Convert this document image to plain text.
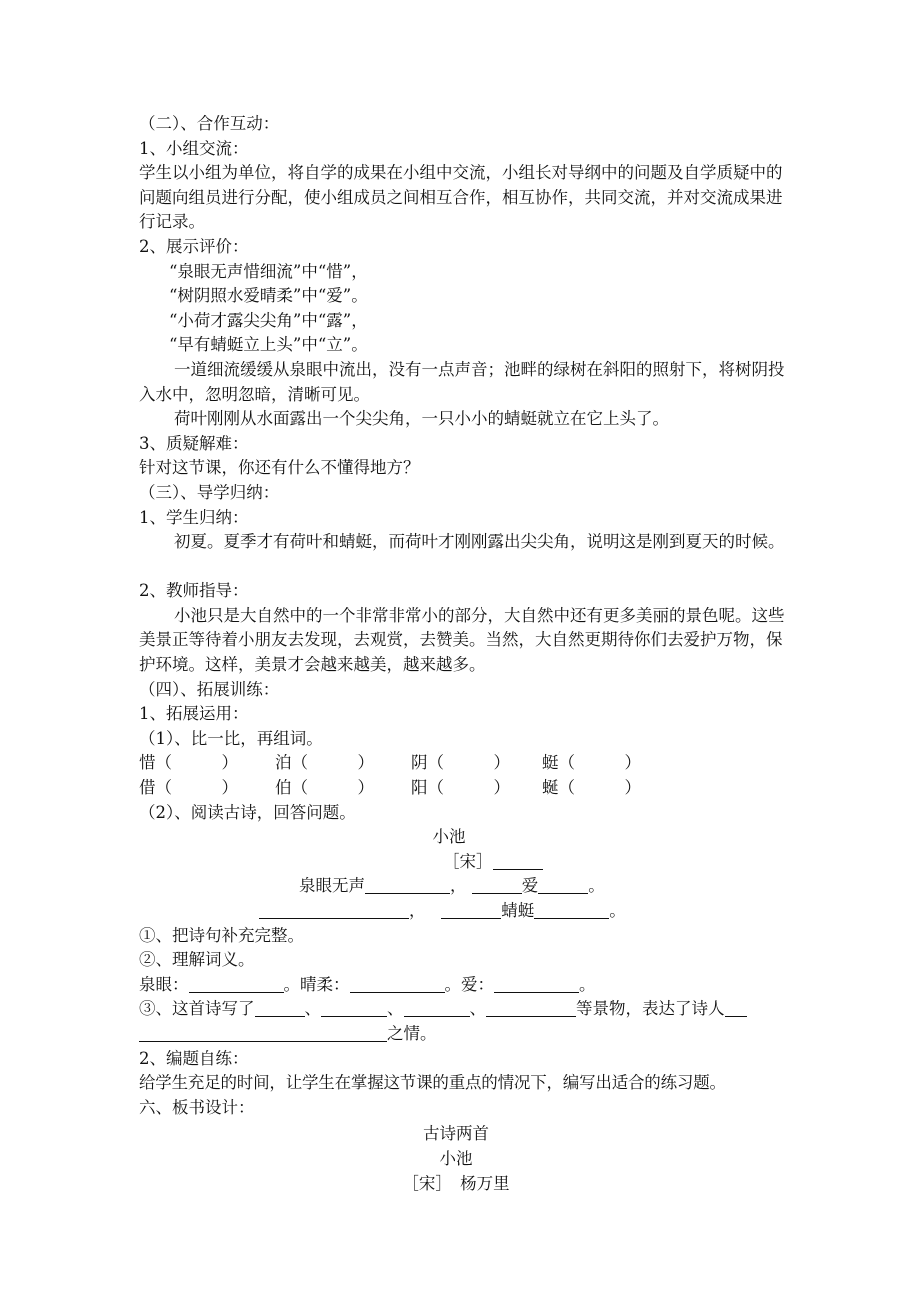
（二）、合作互动：
1、小组交流：
学生以小组为单位，将自学的成果在小组中交流，小组长对导纲中的问题及自学质疑中的问题向组员进行分配，使小组成员之间相互合作，相互协作，共同交流，并对交流成果进行记录。
2、展示评价：
“泉眼无声惜细流”中“惜”，
“树阴照水爱晴柔”中“爱”。
“小荷才露尖尖角”中“露”，
“早有蜻蜓立上头”中“立”。
一道细流缓缓从泉眼中流出，没有一点声音；池畔的绿树在斜阳的照射下，将树阴投入水中，忽明忽暗，清晰可见。
荷叶刚刚从水面露出一个尖尖角，一只小小的蜻蜓就立在它上头了。
3、质疑解难：
针对这节课，你还有什么不懂得地方？
（三）、导学归纳：
1、学生归纳：
初夏。夏季才有荷叶和蜻蜓，而荷叶才刚刚露出尖尖角，说明这是刚到夏天的时候。
2、教师指导：
小池只是大自然中的一个非常非常小的部分，大自然中还有更多美丽的景色呢。这些美景正等待着小朋友去发现，去观赏，去赞美。当然，大自然更期待你们去爱护万物，保护环境。这样，美景才会越来越美，越来越多。
（四）、拓展训练：
1、拓展运用：
（1）、比一比，再组词。
惜（　　　） 泊（　　　） 阴（　　　） 蜓（　　　）
借（　　　） 伯（　　　） 阳（　　　） 蜒（　　　）
（2）、阅读古诗，回答问题。
小池
［宋］
泉眼无声	，	爱	。
，	蜻蜓	。
①、把诗句补充完整。
②、理解词义。
泉眼：	。晴柔：	。爱：	。
③、这首诗写了	、	、	、	等景物，表达了诗人
之情。
2、编题自练：
给学生充足的时间，让学生在掌握这节课的重点的情况下，编写出适合的练习题。
六、板书设计：
古诗两首
小池
［宋］　杨万里
